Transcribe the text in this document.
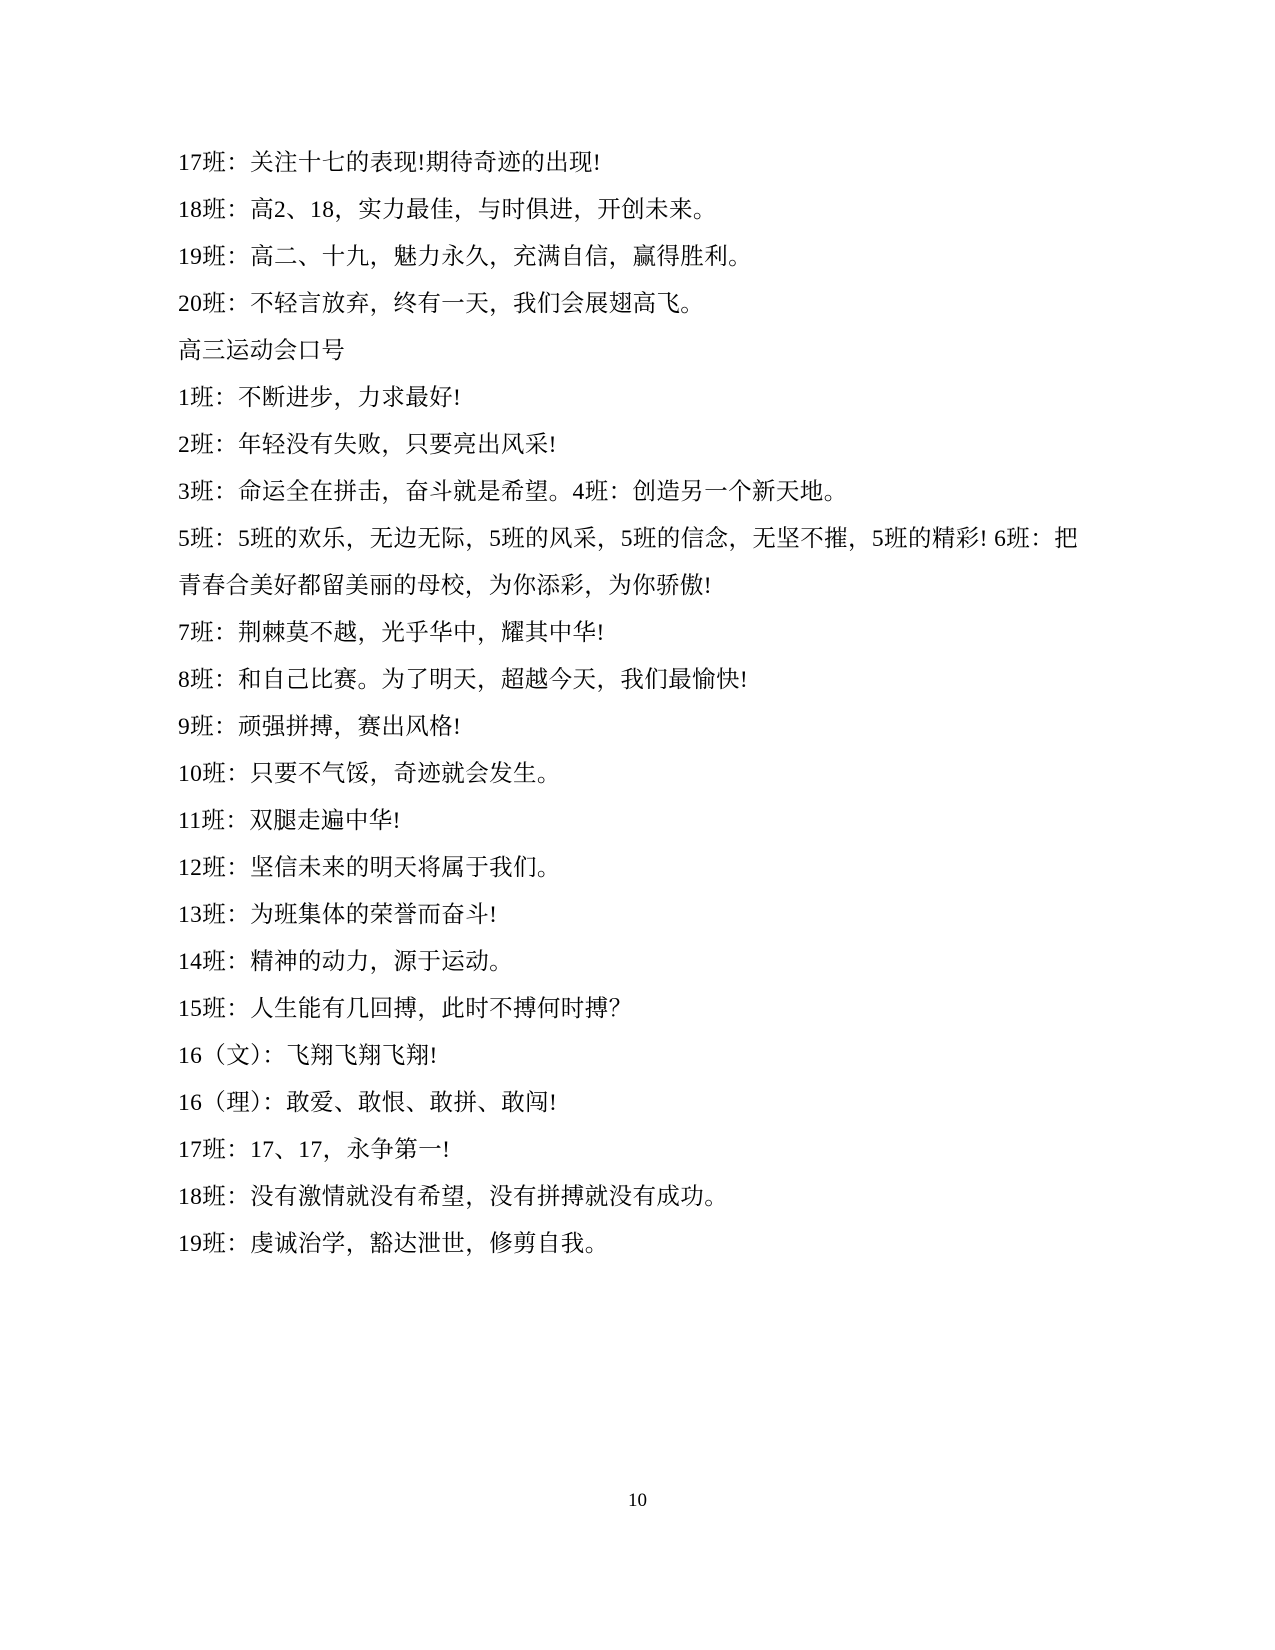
17班：关注十七的表现!期待奇迹的出现!
18班：高2、18，实力最佳，与时俱进，开创未来。
19班：高二、十九，魅力永久，充满自信，赢得胜利。
20班：不轻言放弃，终有一天，我们会展翅高飞。
高三运动会口号
1班：不断进步，力求最好!
2班：年轻没有失败，只要亮出风采!
3班：命运全在拼击，奋斗就是希望。4班：创造另一个新天地。
5班：5班的欢乐，无边无际，5班的风采，5班的信念，无坚不摧，5班的精彩! 6班：把青春合美好都留美丽的母校，为你添彩，为你骄傲!
7班：荆棘莫不越，光乎华中，耀其中华!
8班：和自己比赛。为了明天，超越今天，我们最愉快!
9班：顽强拼搏，赛出风格!
10班：只要不气馁，奇迹就会发生。
11班：双腿走遍中华!
12班：坚信未来的明天将属于我们。
13班：为班集体的荣誉而奋斗!
14班：精神的动力，源于运动。
15班：人生能有几回搏，此时不搏何时搏？
16（文）：飞翔飞翔飞翔!
16（理）：敢爱、敢恨、敢拼、敢闯!
17班：17、17，永争第一!
18班：没有激情就没有希望，没有拼搏就没有成功。
19班：虔诚治学，豁达泄世，修剪自我。
10
